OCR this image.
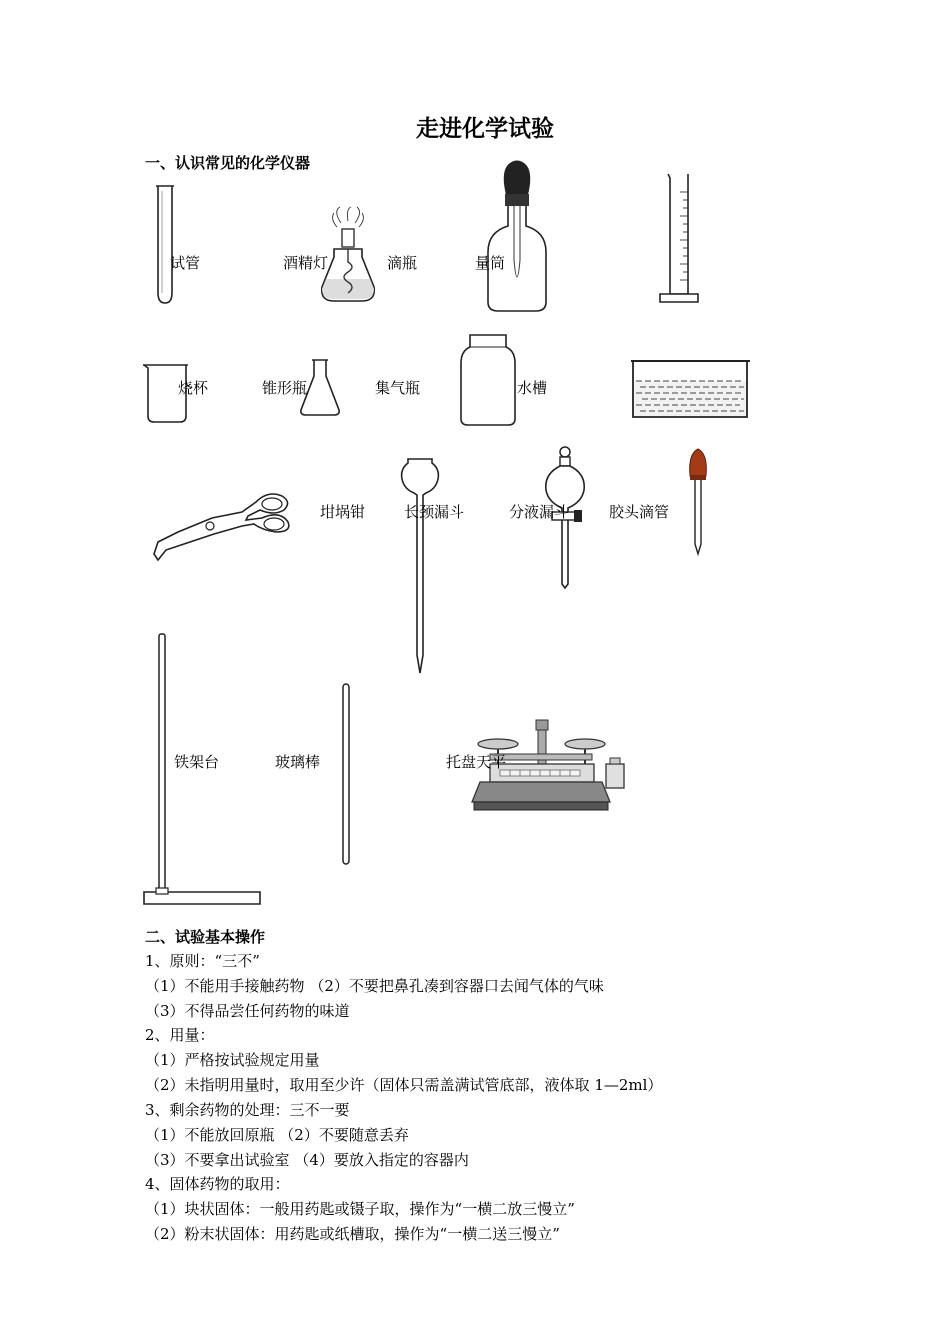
走进化学试验
一、认识常见的化学仪器
试管	酒精灯	滴瓶	量筒
烧杯	锥形瓶	集气瓶	水槽
坩埚钳	长颈漏斗	分液漏斗	胶头滴管
铁架台	玻璃棒	托盘天平
二、试验基本操作
1、原则：“三不”
（1）不能用手接触药物 （2）不要把鼻孔凑到容器口去闻气体的气味
（3）不得品尝任何药物的味道
2、用量：
（1）严格按试验规定用量
（2）未指明用量时，取用至少许（固体只需盖满试管底部，液体取 1—2ml）
3、剩余药物的处理：三不一要
（1）不能放回原瓶 （2）不要随意丢弃
（3）不要拿出试验室 （4）要放入指定的容器内
4、固体药物的取用：
（1）块状固体：一般用药匙或镊子取，操作为“一横二放三慢立”
（2）粉末状固体：用药匙或纸槽取，操作为“一横二送三慢立”
